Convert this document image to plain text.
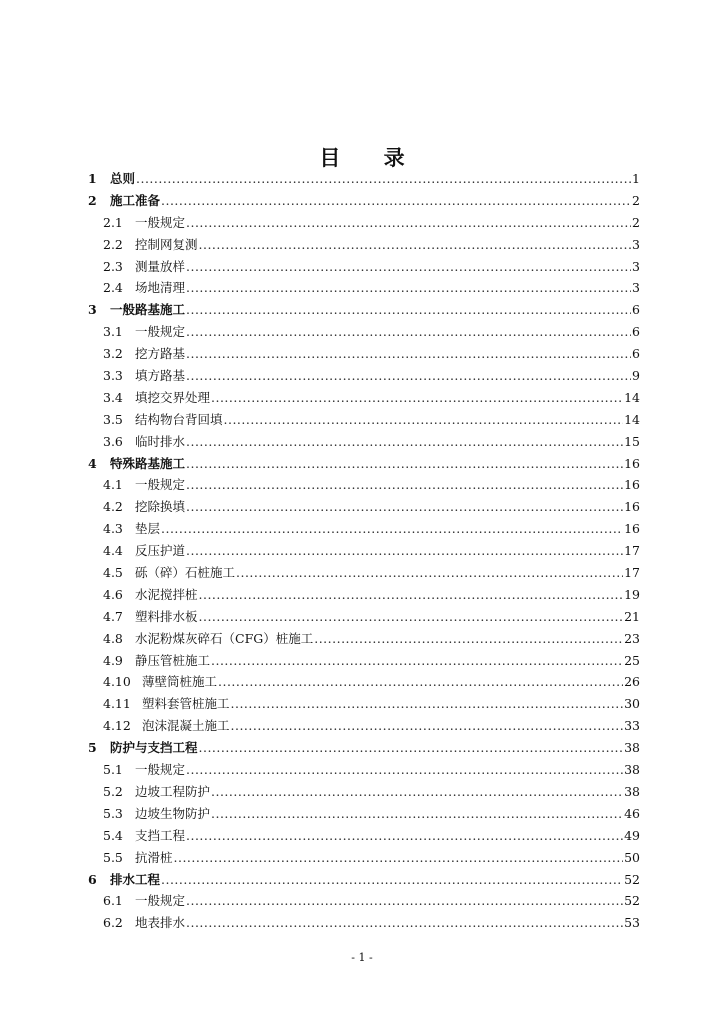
目 录
1	总则 .....	1
2	施工准备 .....	2
2.1 一般规定 .....	2
2.2 控制网复测 .....	3
2.3 测量放样 .....	3
2.4 场地清理 .....	3
3	一般路基施工 .....	6
3.1 一般规定 .....	6
3.2 挖方路基 .....	6
3.3 填方路基 .....	9
3.4 填挖交界处理 .....	14
3.5 结构物台背回填 .....	14
3.6 临时排水 .....	15
4	特殊路基施工 .....	16
4.1 一般规定 .....	16
4.2 挖除换填 .....	16
4.3 垫层 .....	16
4.4 反压护道 .....	17
4.5 砾（碎）石桩施工 .....	17
4.6 水泥搅拌桩 .....	19
4.7 塑料排水板 .....	21
4.8 水泥粉煤灰碎石（CFG）桩施工 .....	23
4.9 静压管桩施工 .....	25
4.10 薄壁筒桩施工 .....	26
4.11 塑料套管桩施工 .....	30
4.12 泡沫混凝土施工 .....	33
5	防护与支挡工程 .....	38
5.1 一般规定 .....	38
5.2 边坡工程防护 .....	38
5.3 边坡生物防护 .....	46
5.4 支挡工程 .....	49
5.5 抗滑桩 .....	50
6	排水工程 .....	52
6.1 一般规定 .....	52
6.2 地表排水 .....	53
- 1 -
